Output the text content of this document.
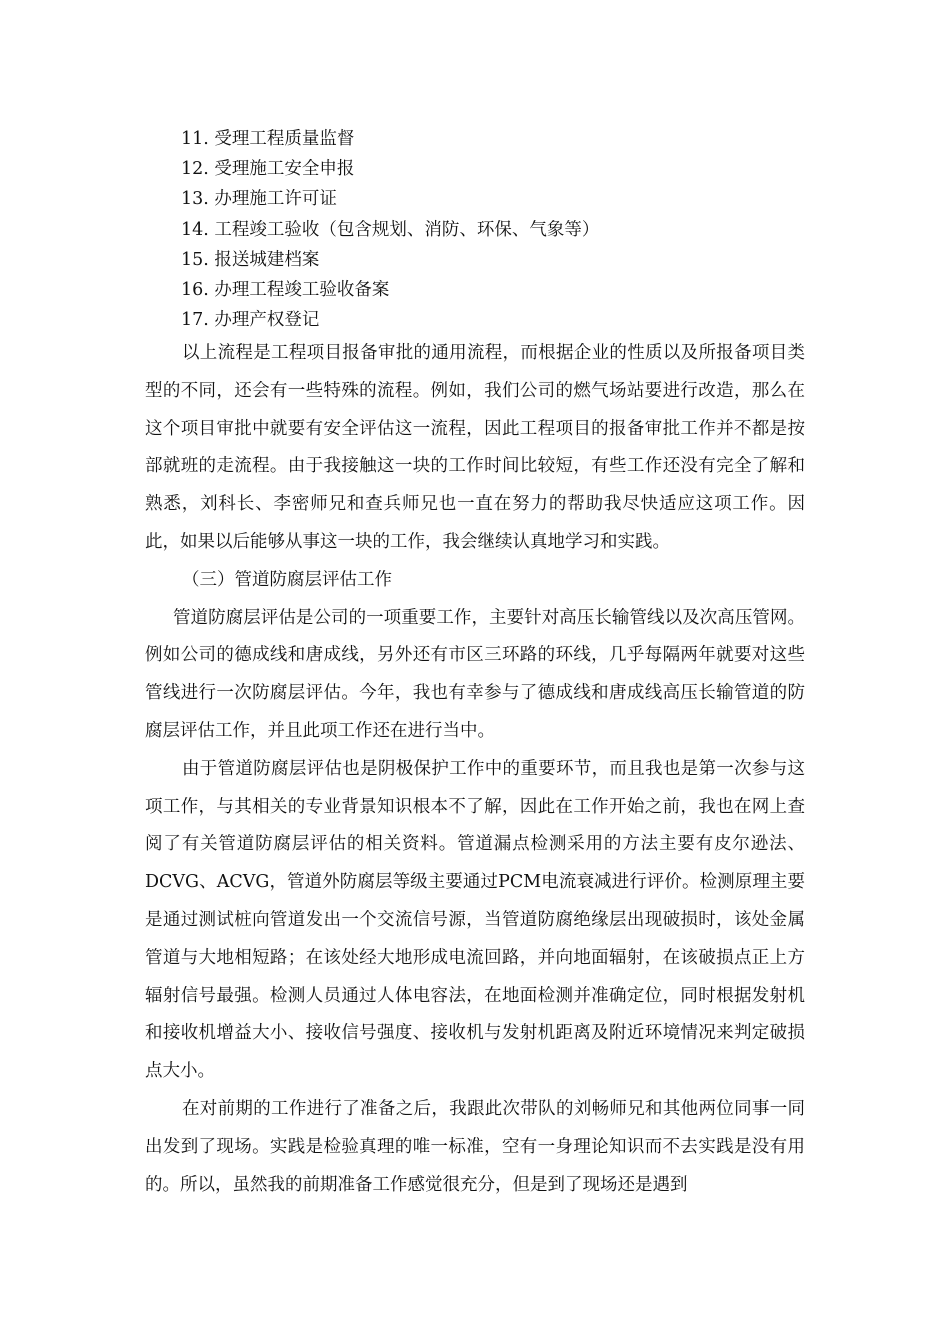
11. 受理工程质量监督
12. 受理施工安全申报
13. 办理施工许可证
14. 工程竣工验收（包含规划、消防、环保、气象等）
15. 报送城建档案
16. 办理工程竣工验收备案
17. 办理产权登记

以上流程是工程项目报备审批的通用流程，而根据企业的性质以及所报备项目类型的不同，还会有一些特殊的流程。例如，我们公司的燃气场站要进行改造，那么在这个项目审批中就要有安全评估这一流程，因此工程项目的报备审批工作并不都是按部就班的走流程。由于我接触这一块的工作时间比较短，有些工作还没有完全了解和熟悉，刘科长、李密师兄和查兵师兄也一直在努力的帮助我尽快适应这项工作。因此，如果以后能够从事这一块的工作，我会继续认真地学习和实践。

（三）管道防腐层评估工作

管道防腐层评估是公司的一项重要工作，主要针对高压长输管线以及次高压管网。例如公司的德成线和唐成线，另外还有市区三环路的环线，几乎每隔两年就要对这些管线进行一次防腐层评估。今年，我也有幸参与了德成线和唐成线高压长输管道的防腐层评估工作，并且此项工作还在进行当中。

由于管道防腐层评估也是阴极保护工作中的重要环节，而且我也是第一次参与这项工作，与其相关的专业背景知识根本不了解，因此在工作开始之前，我也在网上查阅了有关管道防腐层评估的相关资料。管道漏点检测采用的方法主要有皮尔逊法、DCVG、ACVG，管道外防腐层等级主要通过PCM电流衰减进行评价。检测原理主要是通过测试桩向管道发出一个交流信号源，当管道防腐绝缘层出现破损时，该处金属管道与大地相短路；在该处经大地形成电流回路，并向地面辐射，在该破损点正上方辐射信号最强。检测人员通过人体电容法，在地面检测并准确定位，同时根据发射机和接收机增益大小、接收信号强度、接收机与发射机距离及附近环境情况来判定破损点大小。

在对前期的工作进行了准备之后，我跟此次带队的刘畅师兄和其他两位同事一同出发到了现场。实践是检验真理的唯一标准，空有一身理论知识而不去实践是没有用的。所以，虽然我的前期准备工作感觉很充分，但是到了现场还是遇到
